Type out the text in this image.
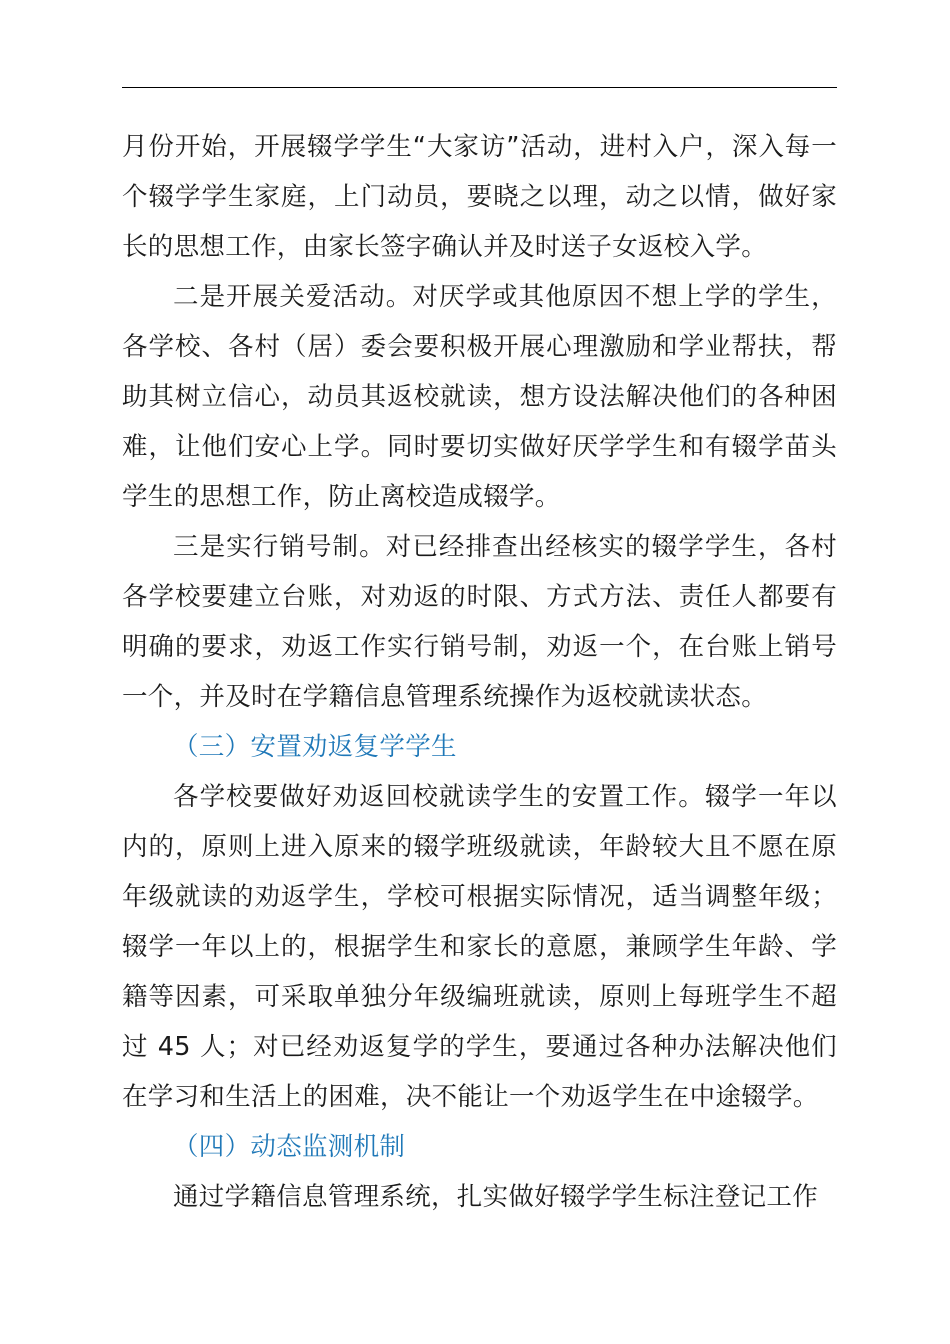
月份开始，开展辍学学生“大家访”活动，进村入户，深入每一个辍学学生家庭，上门动员，要晓之以理，动之以情，做好家长的思想工作，由家长签字确认并及时送子女返校入学。

二是开展关爱活动。对厌学或其他原因不想上学的学生，各学校、各村（居）委会要积极开展心理激励和学业帮扶，帮助其树立信心，动员其返校就读，想方设法解决他们的各种困难，让他们安心上学。同时要切实做好厌学学生和有辍学苗头学生的思想工作，防止离校造成辍学。

三是实行销号制。对已经排查出经核实的辍学学生，各村各学校要建立台账，对劝返的时限、方式方法、责任人都要有明确的要求，劝返工作实行销号制，劝返一个，在台账上销号一个，并及时在学籍信息管理系统操作为返校就读状态。

（三）安置劝返复学学生

各学校要做好劝返回校就读学生的安置工作。辍学一年以内的，原则上进入原来的辍学班级就读，年龄较大且不愿在原年级就读的劝返学生，学校可根据实际情况，适当调整年级；辍学一年以上的，根据学生和家长的意愿，兼顾学生年龄、学籍等因素，可采取单独分年级编班就读，原则上每班学生不超过 45 人；对已经劝返复学的学生，要通过各种办法解决他们在学习和生活上的困难，决不能让一个劝返学生在中途辍学。

（四）动态监测机制

通过学籍信息管理系统，扎实做好辍学学生标注登记工作
